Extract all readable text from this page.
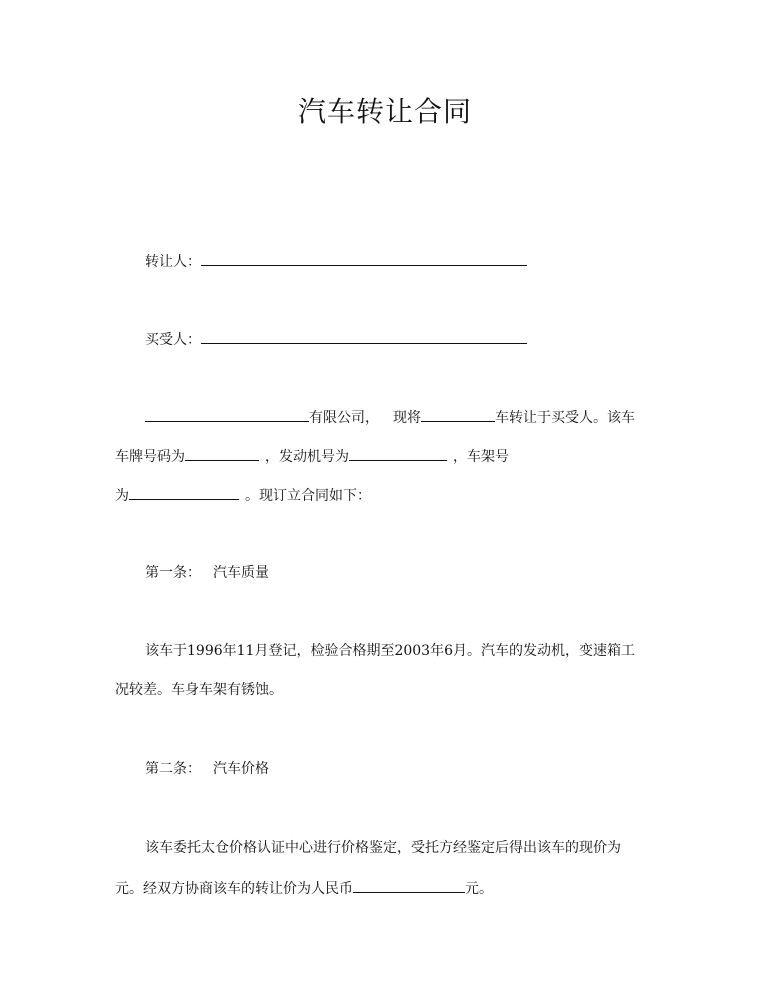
汽车转让合同
转让人：
买受人：
有限公司， 现将	车转让于买受人。该车
车牌号码为	，发动机号为	，车架号
为	。现订立合同如下：
第一条： 汽车质量
该车于1996年11月登记，检验合格期至2003年6月。汽车的发动机，变速箱工
况较差。车身车架有锈蚀。
第二条： 汽车价格
该车委托太仓价格认证中心进行价格鉴定，受托方经鉴定后得出该车的现价为
元。经双方协商该车的转让价为人民币	元。
